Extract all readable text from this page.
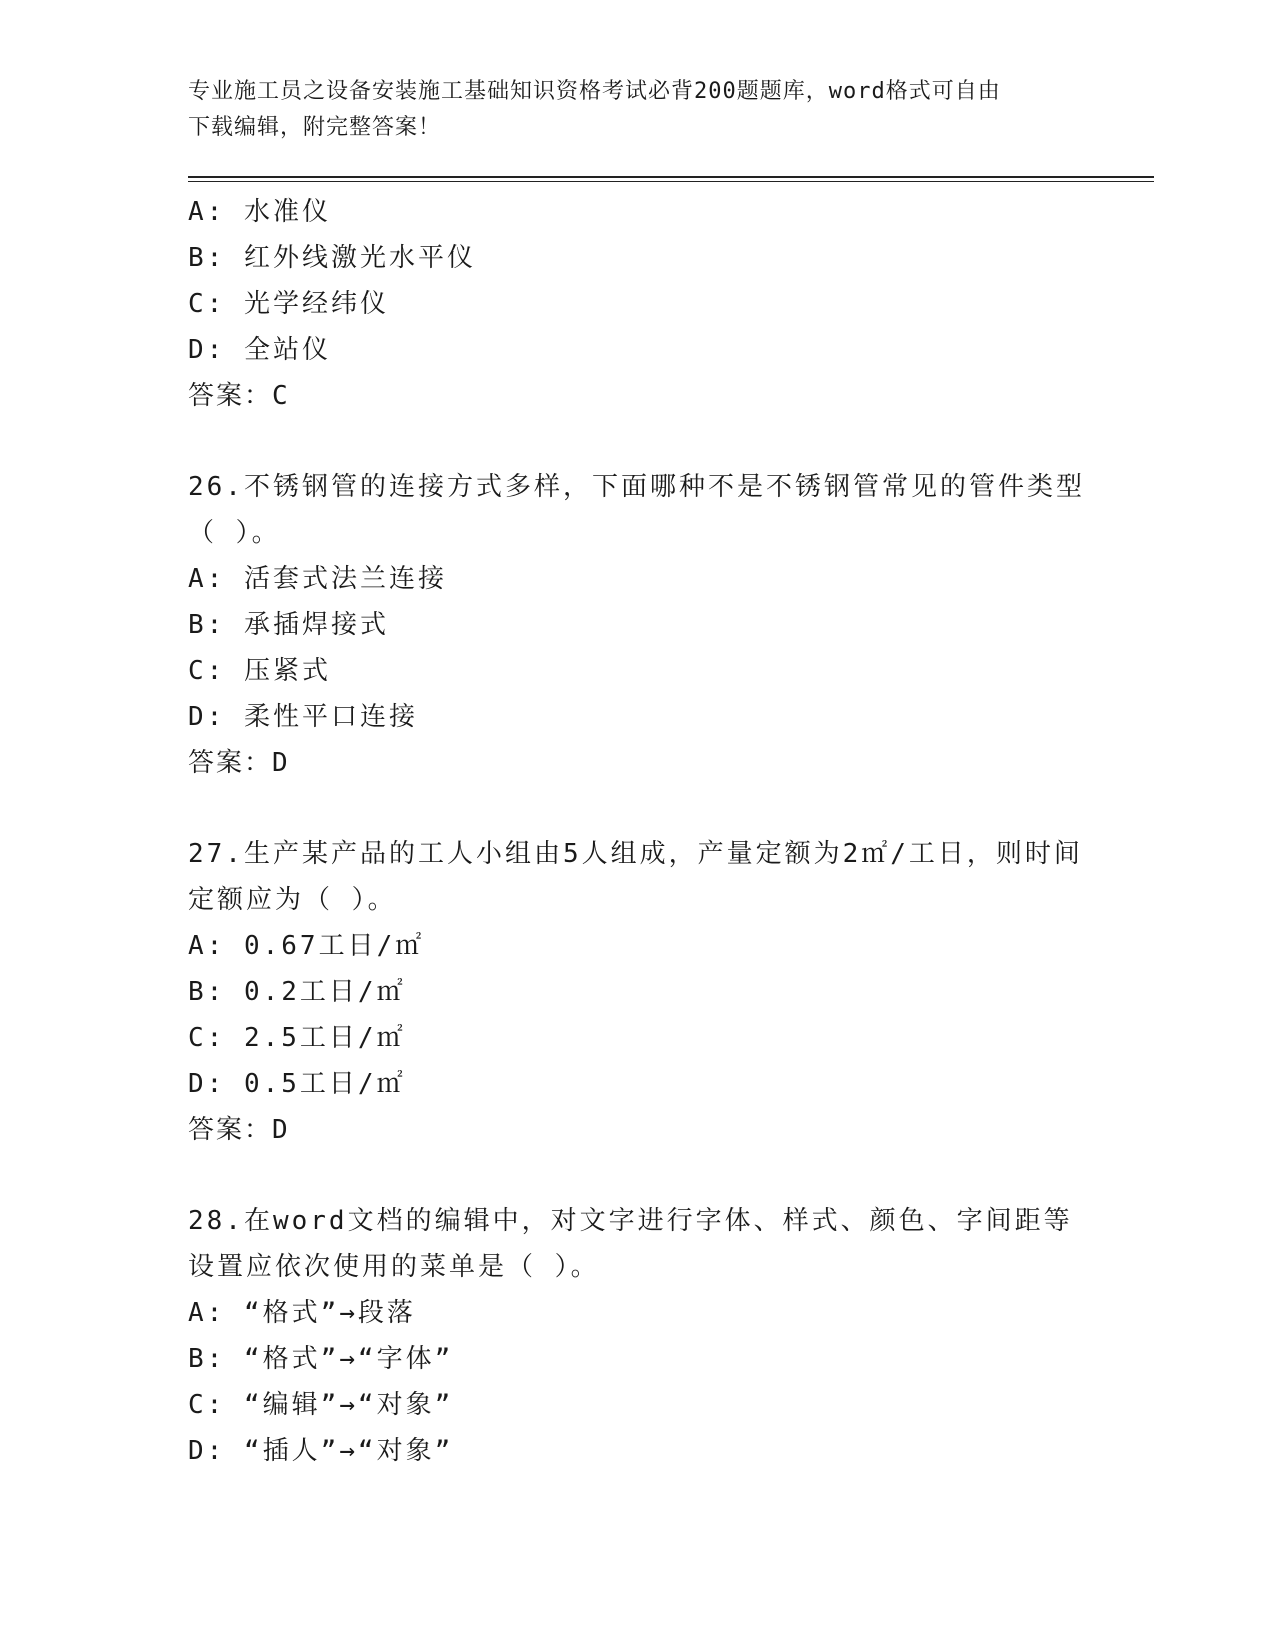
专业施工员之设备安装施工基础知识资格考试必背200题题库，word格式可自由
下载编辑，附完整答案！
A: 水准仪
B: 红外线激光水平仪
C: 光学经纬仪
D: 全站仪
答案：C
26.不锈钢管的连接方式多样，下面哪种不是不锈钢管常见的管件类型
（ ）。
A: 活套式法兰连接
B: 承插焊接式
C: 压紧式
D: 柔性平口连接
答案：D
27.生产某产品的工人小组由5人组成，产量定额为2㎡/工日，则时间
定额应为（ ）。
A: 0.67工日/㎡
B: 0.2工日/㎡
C: 2.5工日/㎡
D: 0.5工日/㎡
答案：D
28.在word文档的编辑中，对文字进行字体、样式、颜色、字间距等
设置应依次使用的菜单是（ ）。
A: “格式”→段落
B: “格式”→“字体”
C: “编辑”→“对象”
D: “插人”→“对象”
